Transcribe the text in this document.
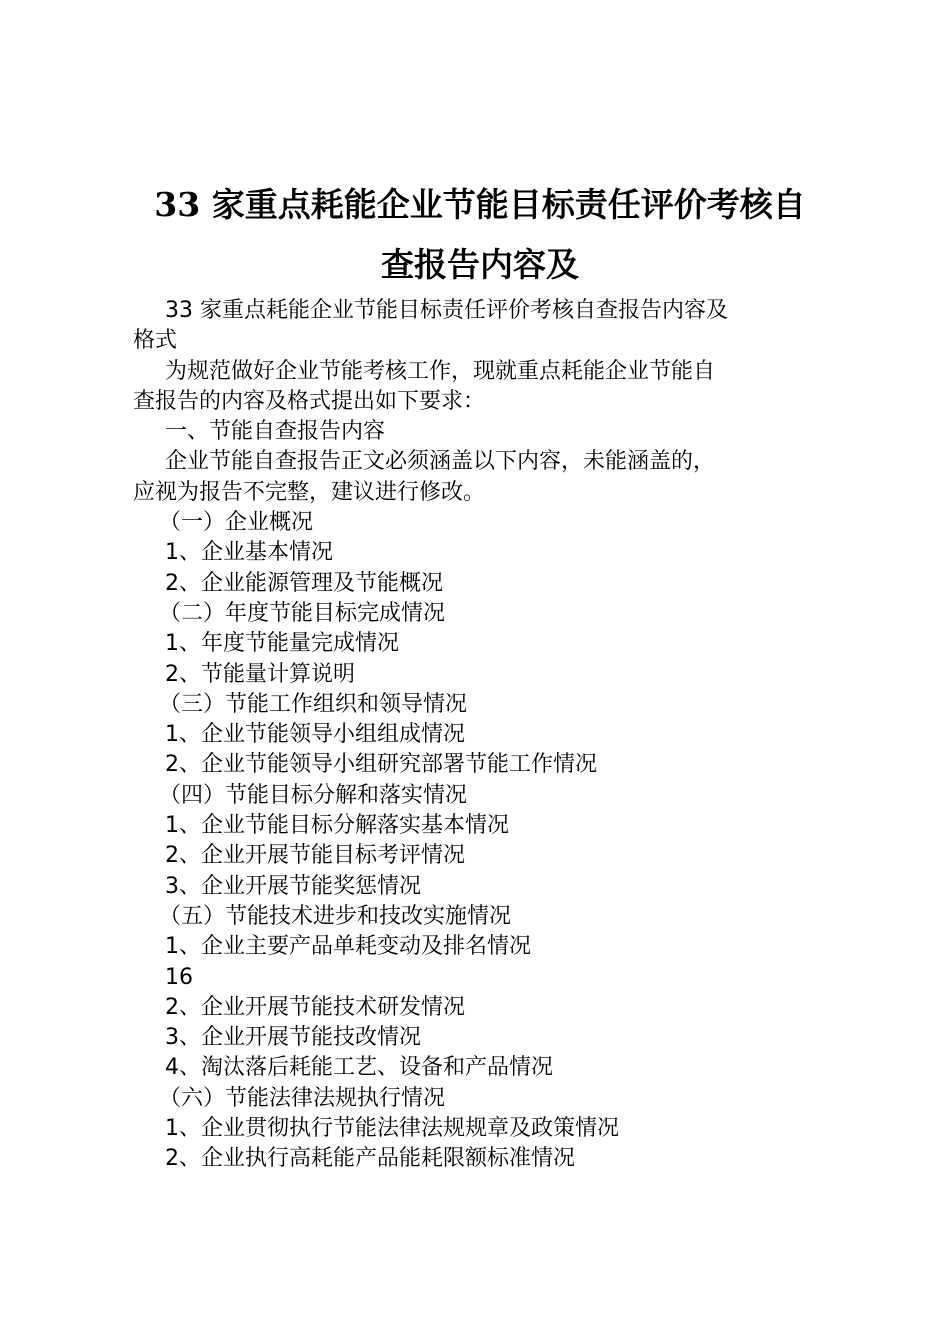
33 家重点耗能企业节能目标责任评价考核自
查报告内容及

33 家重点耗能企业节能目标责任评价考核自查报告内容及

格式

为规范做好企业节能考核工作，现就重点耗能企业节能自

查报告的内容及格式提出如下要求：

一、节能自查报告内容

企业节能自查报告正文必须涵盖以下内容，未能涵盖的，

应视为报告不完整，建议进行修改。

（一）企业概况

1、企业基本情况

2、企业能源管理及节能概况

（二）年度节能目标完成情况

1、年度节能量完成情况

2、节能量计算说明

（三）节能工作组织和领导情况

1、企业节能领导小组组成情况

2、企业节能领导小组研究部署节能工作情况

（四）节能目标分解和落实情况

1、企业节能目标分解落实基本情况

2、企业开展节能目标考评情况

3、企业开展节能奖惩情况

（五）节能技术进步和技改实施情况

1、企业主要产品单耗变动及排名情况

16

2、企业开展节能技术研发情况

3、企业开展节能技改情况

4、淘汰落后耗能工艺、设备和产品情况

（六）节能法律法规执行情况

1、企业贯彻执行节能法律法规规章及政策情况

2、企业执行高耗能产品能耗限额标准情况
